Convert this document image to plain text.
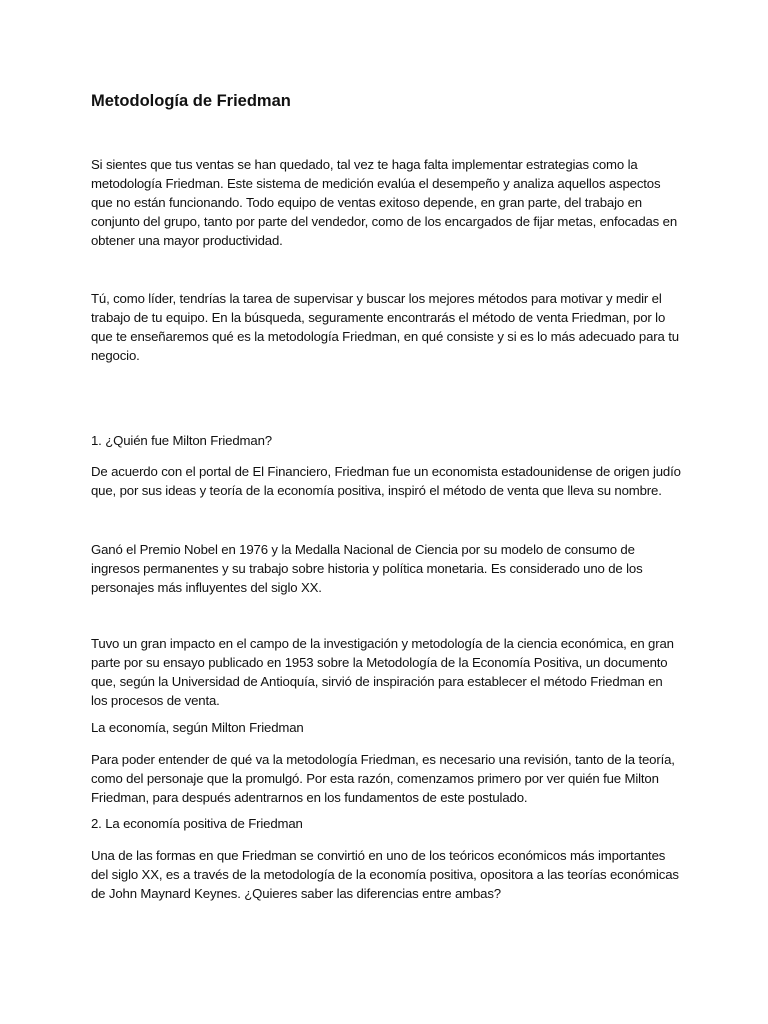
Metodología de Friedman

Si sientes que tus ventas se han quedado, tal vez te haga falta implementar estrategias como la metodología Friedman. Este sistema de medición evalúa el desempeño y analiza aquellos aspectos que no están funcionando. Todo equipo de ventas exitoso depende, en gran parte, del trabajo en conjunto del grupo, tanto por parte del vendedor, como de los encargados de fijar metas, enfocadas en obtener una mayor productividad.

Tú, como líder, tendrías la tarea de supervisar y buscar los mejores métodos para motivar y medir el trabajo de tu equipo. En la búsqueda, seguramente encontrarás el método de venta Friedman, por lo que te enseñaremos qué es la metodología Friedman, en qué consiste y si es lo más adecuado para tu negocio.

1. ¿Quién fue Milton Friedman?

De acuerdo con el portal de El Financiero, Friedman fue un economista estadounidense de origen judío que, por sus ideas y teoría de la economía positiva, inspiró el método de venta que lleva su nombre.

Ganó el Premio Nobel en 1976 y la Medalla Nacional de Ciencia por su modelo de consumo de ingresos permanentes y su trabajo sobre historia y política monetaria. Es considerado uno de los personajes más influyentes del siglo XX.

Tuvo un gran impacto en el campo de la investigación y metodología de la ciencia económica, en gran parte por su ensayo publicado en 1953 sobre la Metodología de la Economía Positiva, un documento que, según la Universidad de Antioquía, sirvió de inspiración para establecer el método Friedman en los procesos de venta.

La economía, según Milton Friedman

Para poder entender de qué va la metodología Friedman, es necesario una revisión, tanto de la teoría, como del personaje que la promulgó. Por esta razón, comenzamos primero por ver quién fue Milton Friedman, para después adentrarnos en los fundamentos de este postulado.

2. La economía positiva de Friedman

Una de las formas en que Friedman se convirtió en uno de los teóricos económicos más importantes del siglo XX, es a través de la metodología de la economía positiva, opositora a las teorías económicas de John Maynard Keynes. ¿Quieres saber las diferencias entre ambas?
